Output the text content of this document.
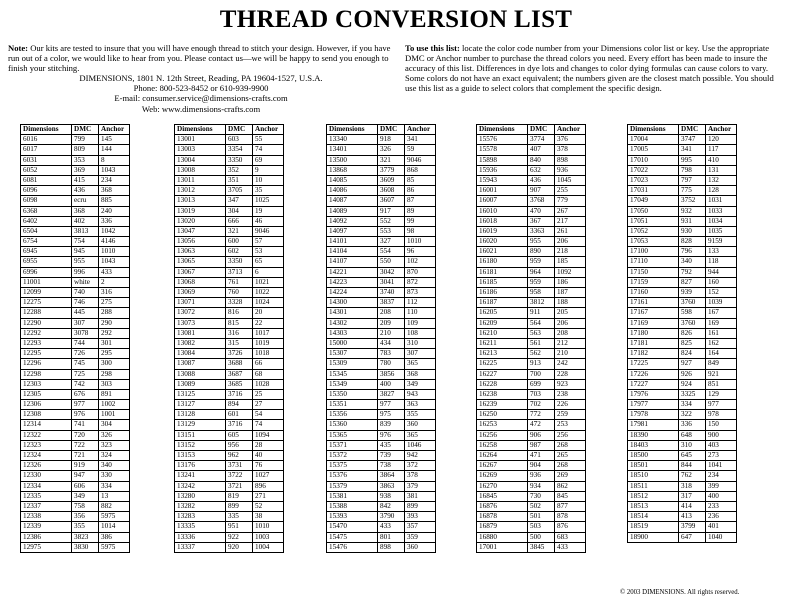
THREAD CONVERSION LIST
Note: Our kits are tested to insure that you will have enough thread to stitch your design. However, if you have run out of a color, we would like to hear from you. Please contact us—we will be happy to send you enough to finish your stitching.
DIMENSIONS, 1801 N. 12th Street, Reading, PA 19604-1527, U.S.A.
Phone: 800-523-8452 or 610-939-9900
E-mail: consumer.service@dimensions-crafts.com
Web: www.dimensions-crafts.com
To use this list: locate the color code number from your Dimensions color list or key. Use the appropriate DMC or Anchor number to purchase the thread colors you need. Every effort has been made to insure the accuracy of this list. Differences in dye lots and changes to color dying formulas can cause colors to vary. Some colors do not have an exact equivalent; the numbers given are the closest match possible. You should use this list as a guide to select colors that complement the specific design.
Dimensions	DMC	Anchor
6016	799	145
6017	809	144
6031	353	8
6052	369	1043
6081	415	234
6096	436	368
6098	ecru	885
6368	368	240
6402	402	336
6504	3813	1042
6754	754	4146
6945	945	1010
6955	955	1043
6996	996	433
11001	white	2
12099	740	316
12275	746	275
12288	445	288
12290	307	290
12292	3078	292
12293	744	301
12295	726	295
12296	745	300
12298	725	298
12303	742	303
12305	676	891
12306	977	1002
12308	976	1001
12314	741	304
12322	720	326
12323	722	323
12324	721	324
12326	919	340
12330	947	330
12334	606	334
12335	349	13
12337	758	882
12338	356	5975
12339	355	1014
12386	3823	386
12975	3830	5975
Dimensions	DMC	Anchor
13001	603	55
13003	3354	74
13004	3350	69
13008	352	9
13011	351	10
13012	3705	35
13013	347	1025
13019	304	19
13020	666	46
13047	321	9046
13056	600	57
13063	602	53
13065	3350	65
13067	3713	6
13068	761	1021
13069	760	1022
13071	3328	1024
13072	816	20
13073	815	22
13081	316	1017
13082	315	1019
13084	3726	1018
13087	3688	66
13088	3687	68
13089	3685	1028
13125	3716	25
13127	894	27
13128	601	54
13129	3716	74
13151	605	1094
13152	956	28
13153	962	40
13176	3731	76
13241	3722	1027
13242	3721	896
13280	819	271
13282	899	52
13283	335	38
13335	951	1010
13336	922	1003
13337	920	1004
Dimensions	DMC	Anchor
13340	918	341
13401	326	59
13500	321	9046
13868	3779	868
14085	3609	85
14086	3608	86
14087	3607	87
14089	917	89
14092	552	99
14097	553	98
14101	327	1010
14104	554	96
14107	550	102
14221	3042	870
14223	3041	872
14224	3740	873
14300	3837	112
14301	208	110
14302	209	109
14303	210	108
15000	434	310
15307	783	307
15309	780	365
15345	3856	368
15349	400	349
15350	3827	943
15351	977	363
15356	975	355
15360	839	360
15365	976	365
15371	435	1046
15372	739	942
15375	738	372
15376	3864	378
15379	3863	379
15381	938	381
15388	842	899
15393	3790	393
15470	433	357
15475	801	359
15476	898	360
Dimensions	DMC	Anchor
15576	3774	376
15578	407	378
15898	840	898
15936	632	936
15943	436	1045
16001	907	255
16007	3768	779
16010	470	267
16018	367	217
16019	3363	261
16020	955	206
16021	890	218
16180	959	185
16181	964	1092
16185	959	186
16186	958	187
16187	3812	188
16205	911	205
16209	564	206
16210	563	208
16211	561	212
16213	562	210
16225	913	242
16227	700	228
16228	699	923
16238	703	238
16239	702	226
16250	772	259
16253	472	253
16256	906	256
16258	987	268
16264	471	265
16267	904	268
16269	936	269
16270	934	862
16845	730	845
16876	502	877
16878	501	878
16879	503	876
16880	500	683
17001	3845	433
Dimensions	DMC	Anchor
17004	3747	120
17005	341	117
17010	995	410
17022	798	131
17023	797	132
17031	775	128
17049	3752	1031
17050	932	1033
17051	931	1034
17052	930	1035
17053	828	9159
17100	796	133
17110	340	118
17150	792	944
17159	827	160
17160	939	152
17161	3760	1039
17167	598	167
17169	3760	169
17180	826	161
17181	825	162
17182	824	164
17225	927	849
17226	926	921
17227	924	851
17976	3325	129
17977	334	977
17978	322	978
17981	336	150
18390	648	900
18403	310	403
18500	645	273
18501	844	1041
18510	762	234
18511	318	399
18512	317	400
18513	414	233
18514	413	236
18519	3799	401
18900	647	1040
© 2003 DIMENSIONS. All rights reserved.
